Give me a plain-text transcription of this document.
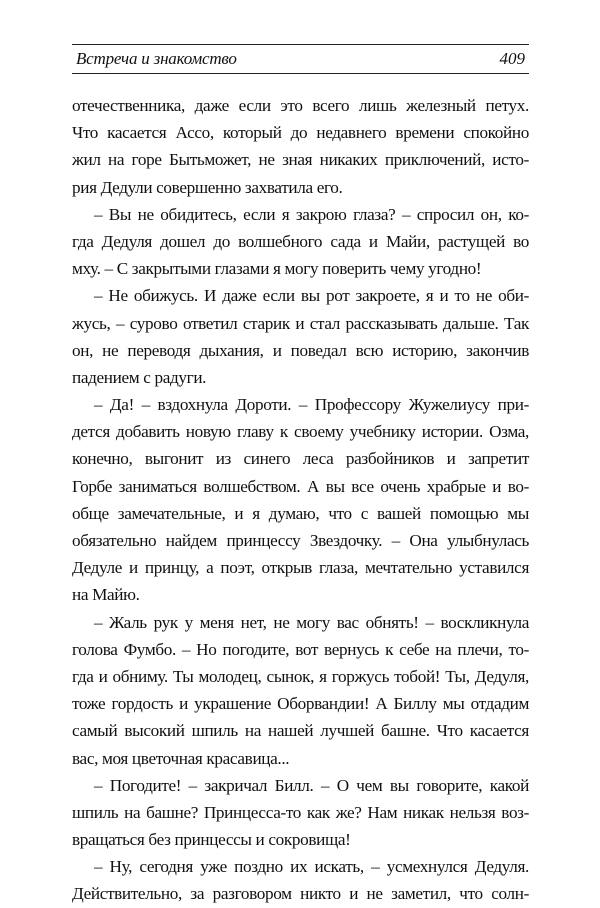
Встреча и знакомство	409
отечественника, даже если это всего лишь железный петух.
Что касается Ассо, который до недавнего времени спокойно
жил на горе Бытьможет, не зная никаких приключений, исто-
рия Дедули совершенно захватила его.
– Вы не обидитесь, если я закрою глаза? – спросил он, ко-
гда Дедуля дошел до волшебного сада и Майи, растущей во
мху. – С закрытыми глазами я могу поверить чему угодно!
– Не обижусь. И даже если вы рот закроете, я и то не оби-
жусь, – сурово ответил старик и стал рассказывать дальше. Так
он, не переводя дыхания, и поведал всю историю, закончив
падением с радуги.
– Да! – вздохнула Дороти. – Профессору Жужелиусу при-
дется добавить новую главу к своему учебнику истории. Озма,
конечно, выгонит из синего леса разбойников и запретит
Горбе заниматься волшебством. А вы все очень храбрые и во-
обще замечательные, и я думаю, что с вашей помощью мы
обязательно найдем принцессу Звездочку. – Она улыбнулась
Дедуле и принцу, а поэт, открыв глаза, мечтательно уставился
на Майю.
– Жаль рук у меня нет, не могу вас обнять! – воскликнула
голова Фумбо. – Но погодите, вот вернусь к себе на плечи, то-
гда и обниму. Ты молодец, сынок, я горжусь тобой! Ты, Дедуля,
тоже гордость и украшение Оборвандии! А Биллу мы отдадим
самый высокий шпиль на нашей лучшей башне. Что касается
вас, моя цветочная красавица...
– Погодите! – закричал Билл. – О чем вы говорите, какой
шпиль на башне? Принцесса-то как же? Нам никак нельзя воз-
вращаться без принцессы и сокровища!
– Ну, сегодня уже поздно их искать, – усмехнулся Дедуля.
Действительно, за разговором никто и не заметил, что солн-
